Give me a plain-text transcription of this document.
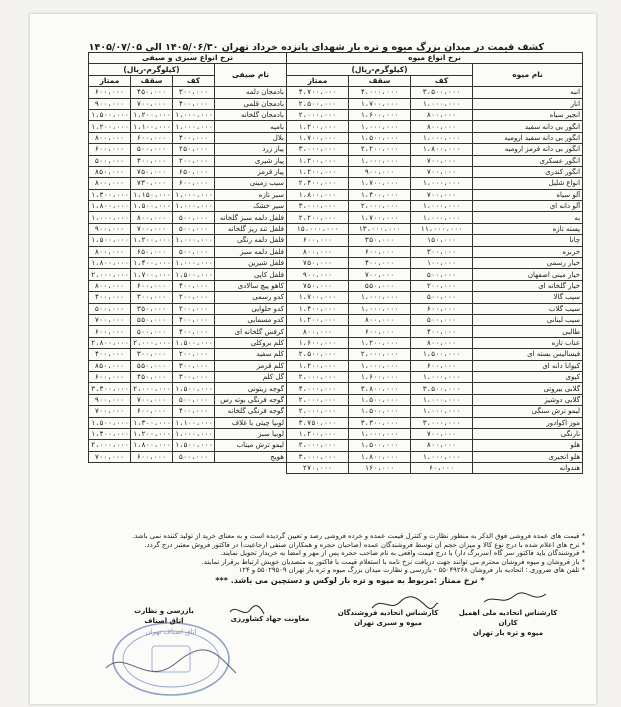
کشف قیمت در میدان بزرگ میوه و تره بار شهدای پانزده خرداد تهران ۱۴۰۵/۰۶/۳۰ الی ۱۴۰۵/۰۷/۰۵
نرخ انواع میوه			
نام میوه	(کیلوگرم-ریال)		
	کف	سقف	ممتاز
انبه	۳،۵۰۰،۰۰۰	۴،۰۰۰،۰۰۰	۴،۷۰۰،۰۰۰
انار	۱،۰۰۰،۰۰۰	۱،۷۰۰،۰۰۰	۲،۵۰۰،۰۰۰
انجیر سیاه	۸۰۰،۰۰۰	۱،۶۰۰،۰۰۰	۲،۰۰۰،۰۰۰
انگور بی دانه سفید	۸۰۰،۰۰۰	۱،۰۰۰،۰۰۰	۱،۲۰۰،۰۰۰
انگور بی دانه سفید ارومیه	۱،۰۰۰،۰۰۰	۱،۵۰۰،۰۰۰	۱،۷۰۰،۰۰۰
انگور بی دانه قرمز ارومیه	۱،۸۰۰،۰۰۰	۲،۲۰۰،۰۰۰	۳،۰۰۰،۰۰۰
انگور عسکری	۷۰۰،۰۰۰	۱،۰۰۰،۰۰۰	۱،۲۰۰،۰۰۰
انگور کندری	۷۰۰،۰۰۰	۹۰۰،۰۰۰	۱،۲۰۰،۰۰۰
انواع شلیل	۱،۰۰۰،۰۰۰	۱،۷۰۰،۰۰۰	۲،۴۰۰،۰۰۰
آلو سیاه	۷۰۰،۰۰۰	۱،۴۰۰،۰۰۰	۱،۸۰۰،۰۰۰
آلو دانه ای	۱،۰۰۰،۰۰۰	۲،۰۰۰،۰۰۰	۳،۰۰۰،۰۰۰
به	۱،۰۰۰،۰۰۰	۱،۷۰۰،۰۰۰	۲،۲۰۰،۰۰۰
پسته تازه	۱۱،۰۰۰،۰۰۰	۱۳،۰۰۰،۰۰۰	۱۵،۰۰۰،۰۰۰
چانا	۱۵۰،۰۰۰	۳۵۰،۰۰۰	۶۰۰،۰۰۰
خربزه	۳۰۰،۰۰۰	۶۰۰،۰۰۰	۸۰۰،۰۰۰
خیار رسمی	۱۰۰،۰۰۰	۴۰۰،۰۰۰	۷۵۰،۰۰۰
خیار مینی اصفهان	۵۰۰،۰۰۰	۷۰۰،۰۰۰	۹۰۰،۰۰۰
خیار گلخانه ای	۲۰۰،۰۰۰	۵۵۰،۰۰۰	۷۵۰،۰۰۰
سیب گالا	۵۰۰،۰۰۰	۱،۰۰۰،۰۰۰	۱،۷۰۰،۰۰۰
سیب گلاب	۶۰۰،۰۰۰	۱،۰۰۰،۰۰۰	۱،۴۰۰،۰۰۰
سیب لبنانی	۵۰۰،۰۰۰	۸۰۰،۰۰۰	۱،۲۰۰،۰۰۰
طالبی	۴۰۰،۰۰۰	۶۰۰،۰۰۰	۸۰۰،۰۰۰
عناب تازه	۸۰۰،۰۰۰	۱،۲۰۰،۰۰۰	۱،۶۰۰،۰۰۰
فیسالیس بسته ای	۱،۵۰۰،۰۰۰	۲،۰۰۰،۰۰۰	۲،۵۰۰،۰۰۰
کیوانا دانه ای	۶۰۰،۰۰۰	۱،۰۰۰،۰۰۰	۱،۲۰۰،۰۰۰
کیوی	۱،۰۰۰،۰۰۰	۱،۶۰۰،۰۰۰	۲،۰۰۰،۰۰۰
گلابی بیروتی	۳،۵۰۰،۰۰۰	۳،۸۰۰،۰۰۰	۴،۰۰۰،۰۰۰
گلابی دوشیز	۱،۰۰۰،۰۰۰	۱،۵۰۰،۰۰۰	۲،۰۰۰،۰۰۰
لیمو ترش سنگی	۱،۰۰۰،۰۰۰	۱،۵۰۰،۰۰۰	۲،۰۰۰،۰۰۰
موز اکوادور	۳،۰۰۰،۰۰۰	۳،۳۰۰،۰۰۰	۳،۷۵۰،۰۰۰
نارنگی	۷۰۰،۰۰۰	۱،۰۰۰،۰۰۰	۱،۲۰۰،۰۰۰
هلو	۸۰۰،۰۰۰	۱،۵۰۰،۰۰۰	۲،۰۰۰،۰۰۰
هلو انجیری	۱،۰۰۰،۰۰۰	۱،۸۰۰،۰۰۰	۳،۰۰۰،۰۰۰
هندوانه	۶۰،۰۰۰	۱۶۰،۰۰۰	۲۷۰،۰۰۰
نرخ انواع سبزی و صیفی			
نام صیفی	(کیلوگرم-ریال)		
	کف	سقف	ممتاز
بادمجان دلمه	۳۰۰،۰۰۰	۴۵۰،۰۰۰	۶۰۰،۰۰۰
بادمجان قلمی	۴۰۰،۰۰۰	۷۰۰،۰۰۰	۹۰۰،۰۰۰
بادمجان گلخانه	۱،۰۰۰،۰۰۰	۱،۲۰۰،۰۰۰	۱،۵۰۰،۰۰۰
بامیه	۱،۰۰۰،۰۰۰	۱،۱۰۰،۰۰۰	۱،۲۰۰،۰۰۰
بلال	۴۰۰،۰۰۰	۶۰۰،۰۰۰	۸۰۰،۰۰۰
پیاز زرد	۲۵۰،۰۰۰	۵۰۰،۰۰۰	۶۰۰،۰۰۰
پیاز شیری	۲۰۰،۰۰۰	۴۰۰،۰۰۰	۵۰۰،۰۰۰
پیاز قرمز	۶۵۰،۰۰۰	۷۵۰،۰۰۰	۸۵۰،۰۰۰
سیب زمینی	۶۰۰،۰۰۰	۷۳۰،۰۰۰	۸۰۰،۰۰۰
سیر تازه	۱،۰۰۰،۰۰۰	۱،۱۵۰،۰۰۰	۱،۳۰۰،۰۰۰
سیر خشک	۱،۰۰۰،۰۰۰	۱،۵۰۰،۰۰۰	۱،۸۰۰،۰۰۰
فلفل دلمه سبز گلخانه	۵۰۰،۰۰۰	۸۰۰،۰۰۰	۱،۰۰۰،۰۰۰
فلفل تند ریز گلخانه	۵۰۰،۰۰۰	۷۰۰،۰۰۰	۹۰۰،۰۰۰
فلفل دلمه رنگی	۱،۰۰۰،۰۰۰	۱،۲۰۰،۰۰۰	۱،۵۰۰،۰۰۰
فلفل دلمه سبز	۵۰۰،۰۰۰	۶۵۰،۰۰۰	۸۰۰،۰۰۰
فلفل شیرین	۱،۰۰۰،۰۰۰	۱،۴۰۰،۰۰۰	۱،۸۰۰،۰۰۰
فلفل کاپی	۱،۵۰۰،۰۰۰	۱،۷۰۰،۰۰۰	۲،۰۰۰،۰۰۰
کاهو پیچ سالادی	۴۰۰،۰۰۰	۶۰۰،۰۰۰	۸۰۰،۰۰۰
کدو رسمی	۲۰۰،۰۰۰	۳۰۰،۰۰۰	۴۰۰،۰۰۰
کدو حلوایی	۲۰۰،۰۰۰	۳۵۰،۰۰۰	۵۰۰،۰۰۰
کدو مسمایی	۴۰۰،۰۰۰	۵۵۰،۰۰۰	۷۰۰،۰۰۰
کرفس گلخانه ای	۴۰۰،۰۰۰	۵۰۰،۰۰۰	۶۰۰،۰۰۰
کلم بروکلی	۱،۵۰۰،۰۰۰	۲،۰۰۰،۰۰۰	۲،۸۰۰،۰۰۰
کلم سفید	۲۰۰،۰۰۰	۳۰۰،۰۰۰	۴۰۰،۰۰۰
کلم قرمز	۳۰۰،۰۰۰	۵۵۰،۰۰۰	۸۵۰،۰۰۰
گل کلم	۳۰۰،۰۰۰	۴۵۰،۰۰۰	۶۰۰،۰۰۰
گوجه زیتونی	۱،۵۰۰،۰۰۰	۲،۰۰۰،۰۰۰	۳،۳۰۰،۰۰۰
گوجه فرنگی بوته رس	۵۰۰،۰۰۰	۷۰۰،۰۰۰	۹۰۰،۰۰۰
گوجه فرنگی گلخانه	۴۰۰،۰۰۰	۶۰۰،۰۰۰	۷۰۰،۰۰۰
لوبیا چیتی با غلاف	۱،۱۰۰،۰۰۰	۱،۳۰۰،۰۰۰	۱،۵۰۰،۰۰۰
لوبیا سبز	۱،۰۰۰،۰۰۰	۱،۲۰۰،۰۰۰	۱،۴۰۰،۰۰۰
لیمو ترش میناب	۱،۵۰۰،۰۰۰	۱،۸۰۰،۰۰۰	۲،۰۰۰،۰۰۰
هویج	۵۰۰،۰۰۰	۶۰۰،۰۰۰	۷۰۰،۰۰۰
* قیمت های عمده فروشی فوق الذکر به منظور نظارت و کنترل قیمت عمده و خرده فروشی رصد و تعیین گردیده است و به معنای خرید از تولید کننده نمی باشد.
* نرخ های اعلام شده با درج نوع کالا و میزان حجم آن توسط فروشندگان عمده (صاحبان حجره و همکاران صنفی ارجاعیت) در فاکتور فروش معتبر درج گردد.
* فروشندگان باید فاکتور سر گاه (سربرگ دار) با درج قیمت واقعی به نام صاحب حجره پس از مهر و امضا به خریدار تحویل نمایند.
* بار فروشان و میوه فروشان محترم می توانند جهت دریافت نرخ نامه با استعلام قیمت با فاکتور به متصدیان خویش ارتباط برقرار نمایند.
* تلفن های ضروری : اتحادیه بار فروشان ۵۵۰۴۹۲۶۸ - بازرسی و نظارت میدان بزرگ میوه و تره بار تهران ۵۵۰۲۹۵۰۹ و ۱۲۴
* نرخ ممتاز :مربوط به میوه و تره بار لوکس و دستچین می باشد. ***
کارشناس اتحادیه ملی اهمیل کاران
میوه و تره بار تهران
کارشناس اتحادیه فروشندگان
میوه و سبزی تهران
معاونت جهاد کشاورزی
بازرسی و نظارت
اتاق اصناف
اتاق اصناف تهران
